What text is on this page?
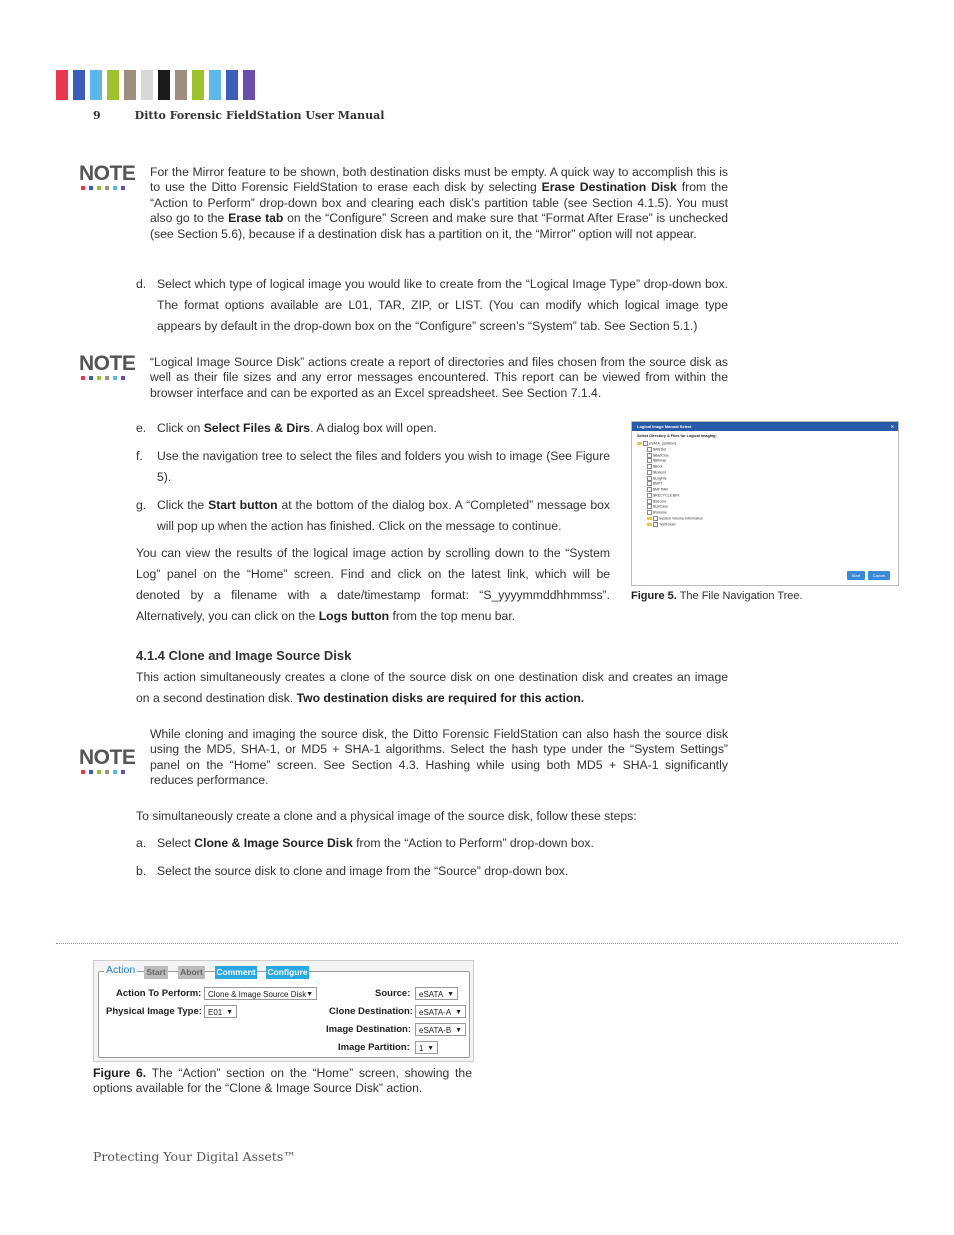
9	Ditto Forensic FieldStation User Manual
NOTE For the Mirror feature to be shown, both destination disks must be empty. A quick way to accomplish this is to use the Ditto Forensic FieldStation to erase each disk by selecting Erase Destination Disk from the “Action to Perform” drop-down box and clearing each disk’s partition table (see Section 4.1.5). You must also go to the Erase tab on the “Configure” Screen and make sure that “Format After Erase” is unchecked (see Section 5.6), because if a destination disk has a partition on it, the “Mirror” option will not appear.
d. Select which type of logical image you would like to create from the “Logical Image Type” drop-down box. The format options available are L01, TAR, ZIP, or LIST. (You can modify which logical image type appears by default in the drop-down box on the “Configure” screen’s “System” tab. See Section 5.1.)
NOTE “Logical Image Source Disk” actions create a report of directories and files chosen from the source disk as well as their file sizes and any error messages encountered. This report can be viewed from within the browser interface and can be exported as an Excel spreadsheet. See Section 7.1.4.
e. Click on Select Files & Dirs. A dialog box will open.
f. Use the navigation tree to select the files and folders you wish to image (See Figure 5).
g. Click the Start button at the bottom of the dialog box. A “Completed” message box will pop up when the action has finished. Click on the message to continue.
You can view the results of the logical image action by scrolling down to the “System Log” panel on the “Home” screen. Find and click on the latest link, which will be denoted by a filename with a date/timestamp format: “S_yyyymmddhhmmss”. Alternatively, you can click on the Logs button from the top menu bar.
Logical Image Manual Select	✕
Select Directory & Files for Logical Imaging:
eSATA_partition1
$AttrDef
$BadClus
$Bitmap
$Boot
$Extend
$LogFile
$MFT
$MFTMirr
$RECYCLE.BIN
$Secure
$UpCase
$Volume
System Volume Information
TestFolder
Start	Cancel
Figure 5. The File Navigation Tree.
4.1.4 Clone and Image Source Disk
This action simultaneously creates a clone of the source disk on one destination disk and creates an image on a second destination disk. Two destination disks are required for this action.
NOTE
While cloning and imaging the source disk, the Ditto Forensic FieldStation can also hash the source disk using the MD5, SHA-1, or MD5 + SHA-1 algorithms. Select the hash type under the “System Settings” panel on the “Home” screen. See Section 4.3. Hashing while using both MD5 + SHA-1 significantly reduces performance.
To simultaneously create a clone and a physical image of the source disk, follow these steps:
a. Select Clone & Image Source Disk from the “Action to Perform” drop-down box.
b. Select the source disk to clone and image from the “Source” drop-down box.
Action Start Abort Comment Configure
Action To Perform: Clone & Image Source Disk ▼
Physical Image Type: E01 ▼
Source:	eSATA ▼
Clone Destination: eSATA-A ▼
Image Destination:	eSATA-B ▼
Image Partition:	1 ▼
Figure 6. The “Action” section on the “Home” screen, showing the options available for the “Clone & Image Source Disk” action.
Protecting Your Digital Assets™
